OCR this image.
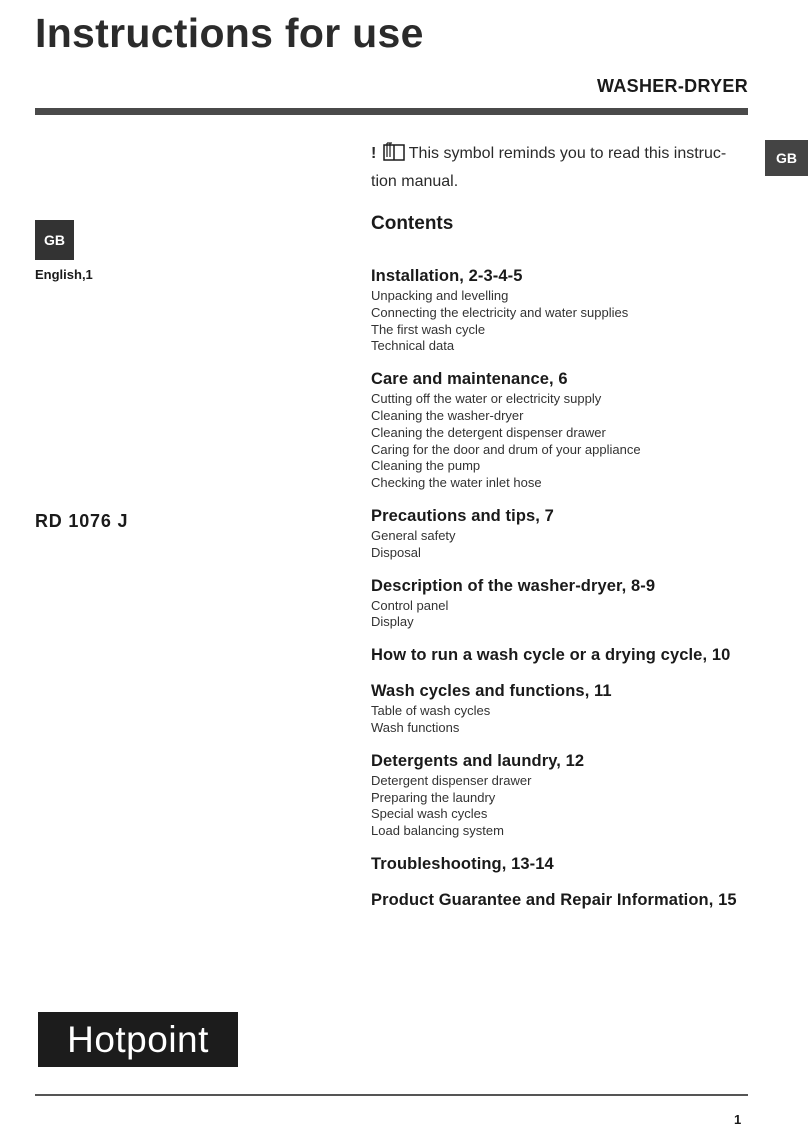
Instructions for use
WASHER-DRYER
GB
GB
English,1
RD 1076 J
! This symbol reminds you to read this instruc-tion manual.
Contents
Installation, 2-3-4-5
Unpacking and levelling
Connecting the electricity and water supplies
The first wash cycle
Technical data
Care and maintenance, 6
Cutting off the water or electricity supply
Cleaning the washer-dryer
Cleaning the detergent dispenser drawer
Caring for the door and drum of your appliance
Cleaning the pump
Checking the water inlet hose
Precautions and tips, 7
General safety
Disposal
Description of the washer-dryer, 8-9
Control panel
Display
How to run a wash cycle or a drying cycle, 10
Wash cycles and functions, 11
Table of wash cycles
Wash functions
Detergents and laundry, 12
Detergent dispenser drawer
Preparing the laundry
Special wash cycles
Load balancing system
Troubleshooting, 13-14
Product Guarantee and Repair Information, 15
Hotpoint
1
